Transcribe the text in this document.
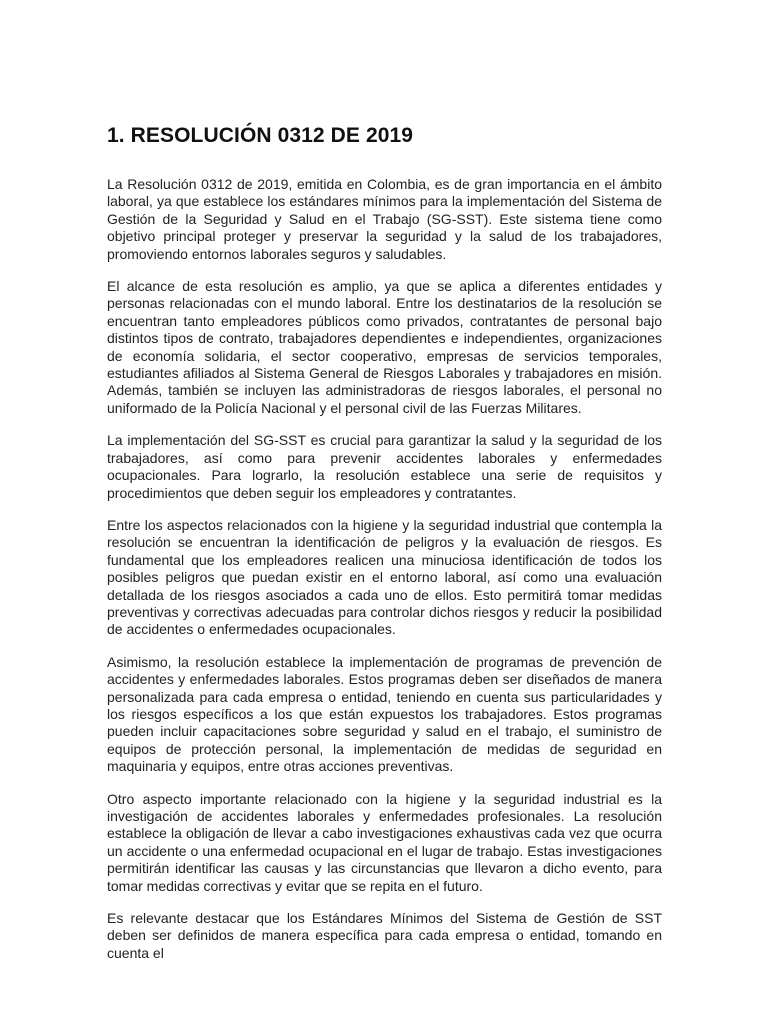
1. RESOLUCIÓN 0312 DE 2019

La Resolución 0312 de 2019, emitida en Colombia, es de gran importancia en el ámbito laboral, ya que establece los estándares mínimos para la implementación del Sistema de Gestión de la Seguridad y Salud en el Trabajo (SG-SST). Este sistema tiene como objetivo principal proteger y preservar la seguridad y la salud de los trabajadores, promoviendo entornos laborales seguros y saludables.

El alcance de esta resolución es amplio, ya que se aplica a diferentes entidades y personas relacionadas con el mundo laboral. Entre los destinatarios de la resolución se encuentran tanto empleadores públicos como privados, contratantes de personal bajo distintos tipos de contrato, trabajadores dependientes e independientes, organizaciones de economía solidaria, el sector cooperativo, empresas de servicios temporales, estudiantes afiliados al Sistema General de Riesgos Laborales y trabajadores en misión. Además, también se incluyen las administradoras de riesgos laborales, el personal no uniformado de la Policía Nacional y el personal civil de las Fuerzas Militares.

La implementación del SG-SST es crucial para garantizar la salud y la seguridad de los trabajadores, así como para prevenir accidentes laborales y enfermedades ocupacionales. Para lograrlo, la resolución establece una serie de requisitos y procedimientos que deben seguir los empleadores y contratantes.

Entre los aspectos relacionados con la higiene y la seguridad industrial que contempla la resolución se encuentran la identificación de peligros y la evaluación de riesgos. Es fundamental que los empleadores realicen una minuciosa identificación de todos los posibles peligros que puedan existir en el entorno laboral, así como una evaluación detallada de los riesgos asociados a cada uno de ellos. Esto permitirá tomar medidas preventivas y correctivas adecuadas para controlar dichos riesgos y reducir la posibilidad de accidentes o enfermedades ocupacionales.

Asimismo, la resolución establece la implementación de programas de prevención de accidentes y enfermedades laborales. Estos programas deben ser diseñados de manera personalizada para cada empresa o entidad, teniendo en cuenta sus particularidades y los riesgos específicos a los que están expuestos los trabajadores. Estos programas pueden incluir capacitaciones sobre seguridad y salud en el trabajo, el suministro de equipos de protección personal, la implementación de medidas de seguridad en maquinaria y equipos, entre otras acciones preventivas.

Otro aspecto importante relacionado con la higiene y la seguridad industrial es la investigación de accidentes laborales y enfermedades profesionales. La resolución establece la obligación de llevar a cabo investigaciones exhaustivas cada vez que ocurra un accidente o una enfermedad ocupacional en el lugar de trabajo. Estas investigaciones permitirán identificar las causas y las circunstancias que llevaron a dicho evento, para tomar medidas correctivas y evitar que se repita en el futuro.

Es relevante destacar que los Estándares Mínimos del Sistema de Gestión de SST deben ser definidos de manera específica para cada empresa o entidad, tomando en cuenta el
